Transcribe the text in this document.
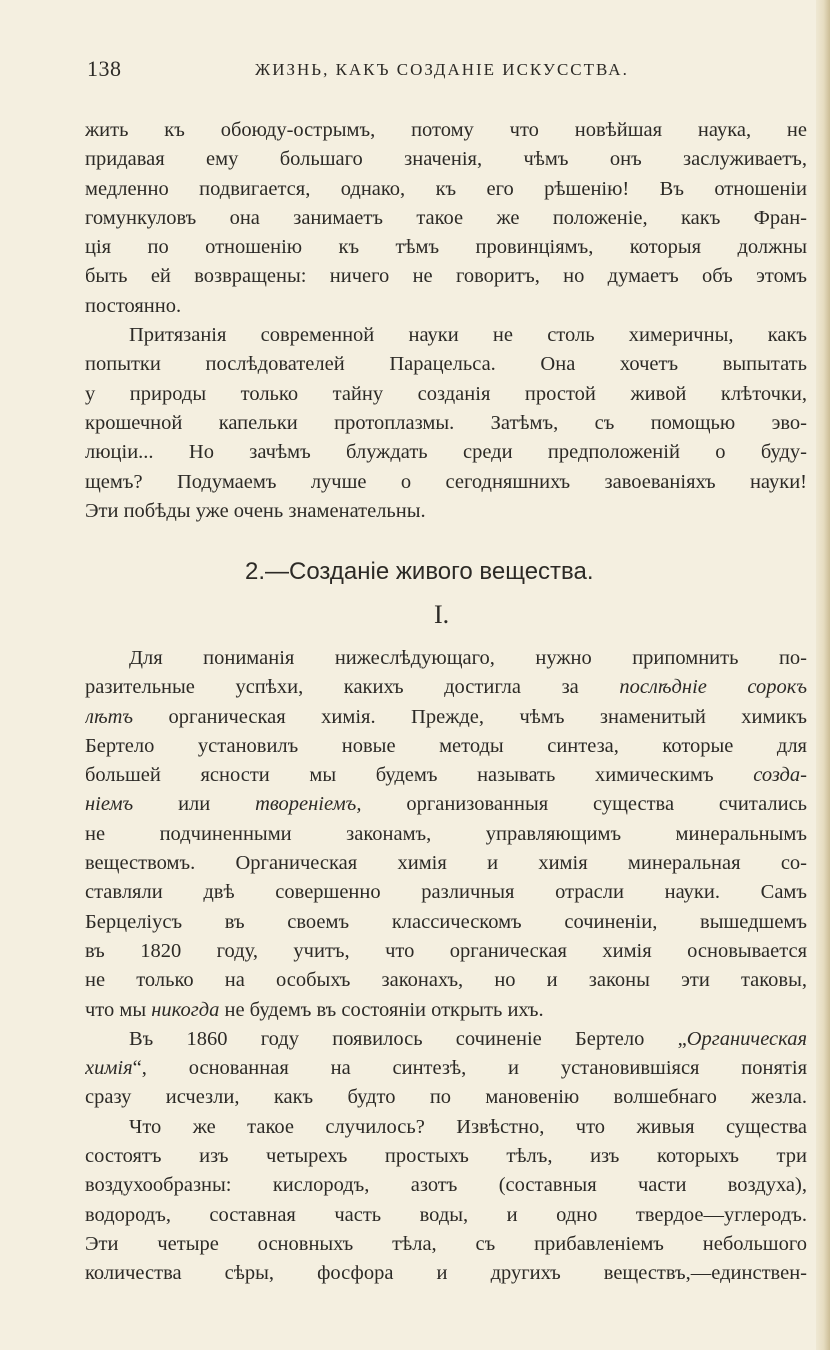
138	ЖИЗНЬ, КАКЪ СОЗДАНІЕ ИСКУССТВА.
жить къ обоюду-острымъ, потому что новѣйшая наука, не
придавая ему большаго значенія, чѣмъ онъ заслуживаетъ,
медленно подвигается, однако, къ его рѣшенію! Въ отношеніи
гомункуловъ она занимаетъ такое же положеніе, какъ Фран-
ція по отношенію къ тѣмъ провинціямъ, которыя должны
быть ей возвращены: ничего не говоритъ, но думаетъ объ этомъ
постоянно.
Притязанія современной науки не столь химеричны, какъ
попытки послѣдователей Парацельса. Она хочетъ выпытать
у природы только тайну созданія простой живой клѣточки,
крошечной капельки протоплазмы. Затѣмъ, съ помощью эво-
люціи... Но зачѣмъ блуждать среди предположеній о буду-
щемъ? Подумаемъ лучше о сегодняшнихъ завоеваніяхъ науки!
Эти побѣды уже очень знаменательны.
2.—Созданіе живого вещества.
I.
Для пониманія нижеслѣдующаго, нужно припомнить по-
разительные успѣхи, какихъ достигла за послѣдніе сорокъ
лѣтъ органическая химія. Прежде, чѣмъ знаменитый химикъ
Бертело установилъ новые методы синтеза, которые для
большей ясности мы будемъ называть химическимъ созда-
ніемъ или твореніемъ, организованныя существа считались
не подчиненными законамъ, управляющимъ минеральнымъ
веществомъ. Органическая химія и химія минеральная со-
ставляли двѣ совершенно различныя отрасли науки. Самъ
Берцеліусъ въ своемъ классическомъ сочиненіи, вышедшемъ
въ 1820 году, учитъ, что органическая химія основывается
не только на особыхъ законахъ, но и законы эти таковы,
что мы никогда не будемъ въ состояніи открыть ихъ.
Въ 1860 году появилось сочиненіе Бертело „Органическая
химія“, основанная на синтезѣ, и установившіяся понятія
сразу исчезли, какъ будто по мановенію волшебнаго жезла.
Что же такое случилось? Извѣстно, что живыя существа
состоятъ изъ четырехъ простыхъ тѣлъ, изъ которыхъ три
воздухообразны: кислородъ, азотъ (составныя части воздуха),
водородъ, составная часть воды, и одно твердое—углеродъ.
Эти четыре основныхъ тѣла, съ прибавленіемъ небольшого
количества сѣры, фосфора и другихъ веществъ,—единствен-
